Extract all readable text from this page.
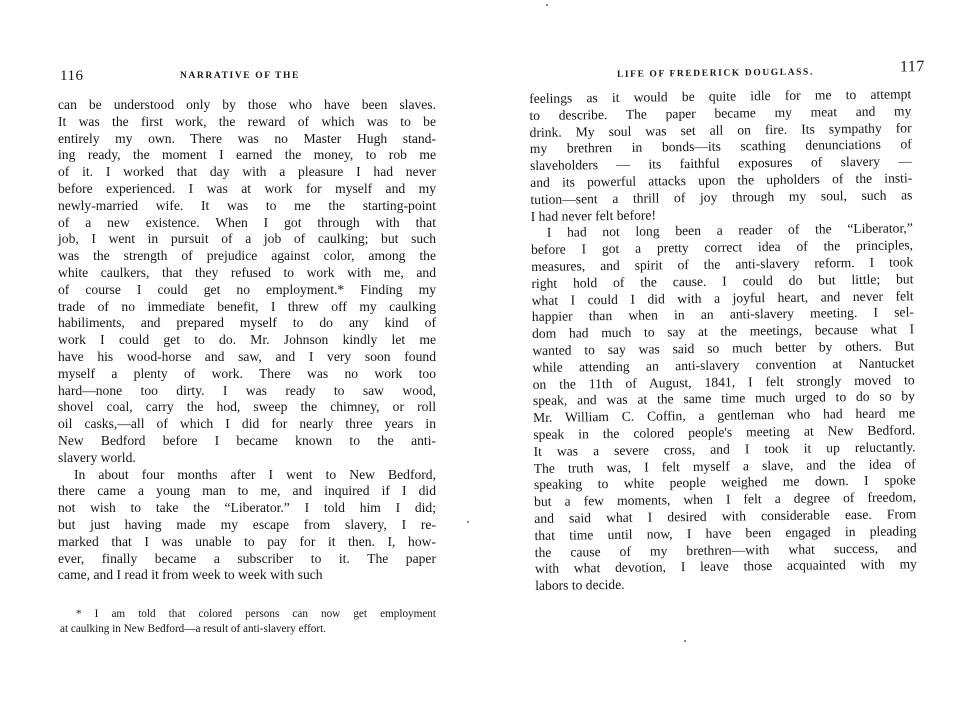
116	NARRATIVE OF THE
can be understood only by those who have been slaves.
It was the first work, the reward of which was to be
entirely my own. There was no Master Hugh stand-
ing ready, the moment I earned the money, to rob me
of it. I worked that day with a pleasure I had never
before experienced. I was at work for myself and my
newly-married wife. It was to me the starting-point
of a new existence. When I got through with that
job, I went in pursuit of a job of caulking; but such
was the strength of prejudice against color, among the
white caulkers, that they refused to work with me, and
of course I could get no employment.* Finding my
trade of no immediate benefit, I threw off my caulking
habiliments, and prepared myself to do any kind of
work I could get to do. Mr. Johnson kindly let me
have his wood-horse and saw, and I very soon found
myself a plenty of work. There was no work too
hard—none too dirty. I was ready to saw wood,
shovel coal, carry the hod, sweep the chimney, or roll
oil casks,—all of which I did for nearly three years in
New Bedford before I became known to the anti-
slavery world.
In about four months after I went to New Bedford,
there came a young man to me, and inquired if I did
not wish to take the “Liberator.” I told him I did;
but just having made my escape from slavery, I re-
marked that I was unable to pay for it then. I, how-
ever, finally became a subscriber to it. The paper
came, and I read it from week to week with such
* I am told that colored persons can now get employment
at caulking in New Bedford—a result of anti-slavery effort.
LIFE OF FREDERICK DOUGLASS.	117
feelings as it would be quite idle for me to attempt
to describe. The paper became my meat and my
drink. My soul was set all on fire. Its sympathy for
my brethren in bonds—its scathing denunciations of
slaveholders — its faithful exposures of slavery —
and its powerful attacks upon the upholders of the insti-
tution—sent a thrill of joy through my soul, such as
I had never felt before!
I had not long been a reader of the “Liberator,”
before I got a pretty correct idea of the principles,
measures, and spirit of the anti-slavery reform. I took
right hold of the cause. I could do but little; but
what I could I did with a joyful heart, and never felt
happier than when in an anti-slavery meeting. I sel-
dom had much to say at the meetings, because what I
wanted to say was said so much better by others. But
while attending an anti-slavery convention at Nantucket
on the 11th of August, 1841, I felt strongly moved to
speak, and was at the same time much urged to do so by
Mr. William C. Coffin, a gentleman who had heard me
speak in the colored people's meeting at New Bedford.
It was a severe cross, and I took it up reluctantly.
The truth was, I felt myself a slave, and the idea of
speaking to white people weighed me down. I spoke
but a few moments, when I felt a degree of freedom,
and said what I desired with considerable ease. From
that time until now, I have been engaged in pleading
the cause of my brethren—with what success, and
with what devotion, I leave those acquainted with my
labors to decide.
